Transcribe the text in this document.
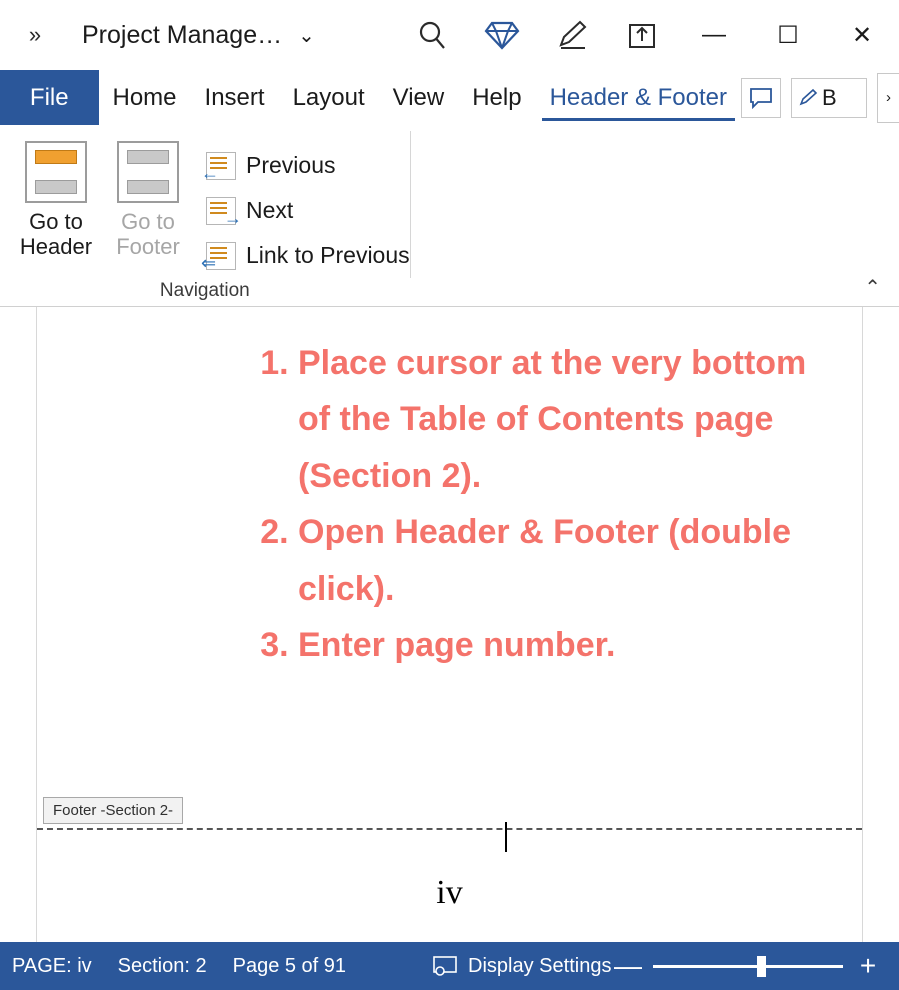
»	Project Manage… ⌄	—	☐	✕
File	Home	Insert	Layout	View	Help	Header & Footer	B	›
Go to
Header
Go to
Footer
← Previous
→ Next
⇐ Link to Previous
Navigation	⌃
1. Place cursor at the very bottom of the Table of Contents page (Section 2).
2. Open Header & Footer (double click).
3. Enter page number.
Footer -Section 2-
iv
PAGE: iv Section: 2 Page 5 of 91	Display Settings —	+
